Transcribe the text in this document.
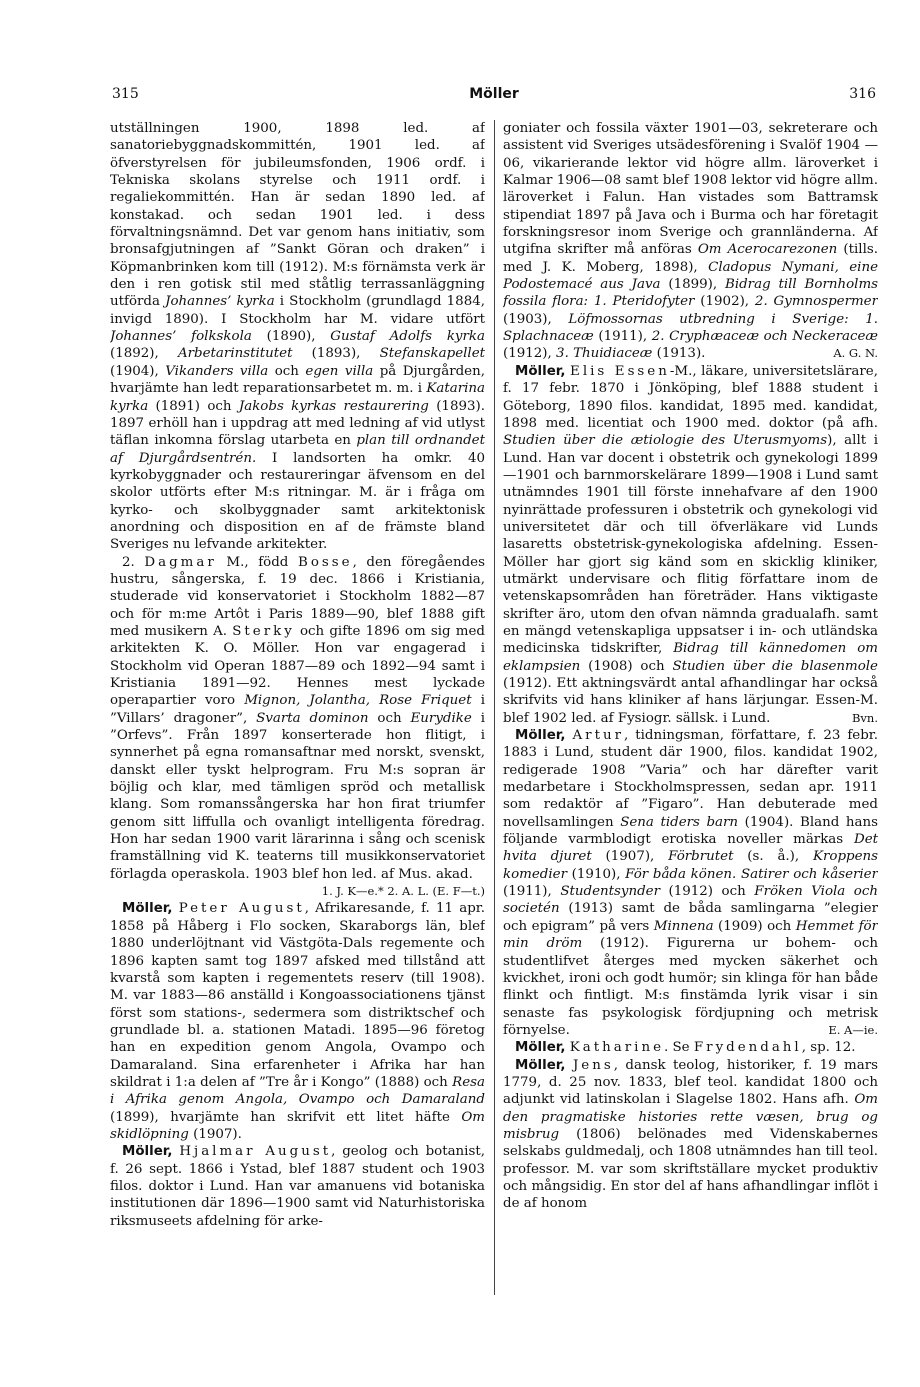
315	Möller	316

utställningen 1900, 1898 led. af sanatoriebyggnadskommittén, 1901 led. af öfverstyrelsen för jubileumsfonden, 1906 ordf. i Tekniska skolans styrelse och 1911 ordf. i regaliekommittén. Han är sedan 1890 led. af konstakad. och sedan 1901 led. i dess förvaltningsnämnd. Det var genom hans initiativ, som bronsafgjutningen af ”Sankt Göran och draken” i Köpmanbrinken kom till (1912). M:s förnämsta verk är den i ren gotisk stil med ståtlig terrassanläggning utförda Johannes’ kyrka i Stockholm (grundlagd 1884, invigd 1890). I Stockholm har M. vidare utfört Johannes’ folkskola (1890), Gustaf Adolfs kyrka (1892), Arbetarinstitutet (1893), Stefanskapellet (1904), Vikanders villa och egen villa på Djurgården, hvarjämte han ledt reparationsarbetet m. m. i Katarina kyrka (1891) och Jakobs kyrkas restaurering (1893). 1897 erhöll han i uppdrag att med ledning af vid utlyst täflan inkomna förslag utarbeta en plan till ordnandet af Djurgårdsentrén. I landsorten ha omkr. 40 kyrkobyggnader och restaureringar äfvensom en del skolor utförts efter M:s ritningar. M. är i fråga om kyrko- och skolbyggnader samt arkitektonisk anordning och disposition en af de främste bland Sveriges nu lefvande arkitekter.

2. Dagmar M., född Bosse, den föregåendes hustru, sångerska, f. 19 dec. 1866 i Kristiania, studerade vid konservatoriet i Stockholm 1882—87 och för m:me Artôt i Paris 1889—90, blef 1888 gift med musikern A. Sterky och gifte 1896 om sig med arkitekten K. O. Möller. Hon var engagerad i Stockholm vid Operan 1887—89 och 1892—94 samt i Kristiania 1891—92. Hennes mest lyckade operapartier voro Mignon, Jolantha, Rose Friquet i ”Villars’ dragoner”, Svarta dominon och Eurydike i ”Orfevs”. Från 1897 konserterade hon flitigt, i synnerhet på egna romansaftnar med norskt, svenskt, danskt eller tyskt helprogram. Fru M:s sopran är böjlig och klar, med tämligen spröd och metallisk klang. Som romanssångerska har hon firat triumfer genom sitt liffulla och ovanligt intelligenta föredrag. Hon har sedan 1900 varit lärarinna i sång och scenisk framställning vid K. teaterns till musikkonservatoriet förlagda operaskola. 1903 blef hon led. af Mus. akad.

1. J. K—e.* 2. A. L. (E. F—t.)

Möller, Peter August, Afrikaresande, f. 11 apr. 1858 på Håberg i Flo socken, Skaraborgs län, blef 1880 underlöjtnant vid Västgöta-Dals regemente och 1896 kapten samt tog 1897 afsked med tillstånd att kvarstå som kapten i regementets reserv (till 1908). M. var 1883—86 anställd i Kongoassociationens tjänst först som stations-, sedermera som distriktschef och grundlade bl. a. stationen Matadi. 1895—96 företog han en expedition genom Angola, Ovampo och Damaraland. Sina erfarenheter i Afrika har han skildrat i 1:a delen af ”Tre år i Kongo” (1888) och Resa i Afrika genom Angola, Ovampo och Damaraland (1899), hvarjämte han skrifvit ett litet häfte Om skidlöpning (1907).

Möller, Hjalmar August, geolog och botanist, f. 26 sept. 1866 i Ystad, blef 1887 student och 1903 filos. doktor i Lund. Han var amanuens vid botaniska institutionen där 1896—1900 samt vid Naturhistoriska riksmuseets afdelning för arke-

goniater och fossila växter 1901—03, sekreterare och assistent vid Sveriges utsädesförening i Svalöf 1904 —06, vikarierande lektor vid högre allm. läroverket i Kalmar 1906—08 samt blef 1908 lektor vid högre allm. läroverket i Falun. Han vistades som Battramsk stipendiat 1897 på Java och i Burma och har företagit forskningsresor inom Sverige och grannländerna. Af utgifna skrifter må anföras Om Acerocarezonen (tills. med J. K. Moberg, 1898), Cladopus Nymani, eine Podostemacé aus Java (1899), Bidrag till Bornholms fossila flora: 1. Pteridofyter (1902), 2. Gymnospermer (1903), Löfmossornas utbredning i Sverige: 1. Splachnaceæ (1911), 2. Cryphæaceæ och Neckeraceæ (1912), 3. Thuidiaceæ (1913).	A. G. N.

Möller, Elis Essen-M., läkare, universitetslärare, f. 17 febr. 1870 i Jönköping, blef 1888 student i Göteborg, 1890 filos. kandidat, 1895 med. kandidat, 1898 med. licentiat och 1900 med. doktor (på afh. Studien über die ætiologie des Uterusmyoms), allt i Lund. Han var docent i obstetrik och gynekologi 1899—1901 och barnmorskelärare 1899—1908 i Lund samt utnämndes 1901 till förste innehafvare af den 1900 nyinrättade professuren i obstetrik och gynekologi vid universitetet där och till öfverläkare vid Lunds lasaretts obstetrisk-gynekologiska afdelning. Essen-Möller har gjort sig känd som en skicklig kliniker, utmärkt undervisare och flitig författare inom de vetenskapsområden han företräder. Hans viktigaste skrifter äro, utom den ofvan nämnda gradualafh. samt en mängd vetenskapliga uppsatser i in- och utländska medicinska tidskrifter, Bidrag till kännedomen om eklampsien (1908) och Studien über die blasenmole (1912). Ett aktningsvärdt antal afhandlingar har också skrifvits vid hans kliniker af hans lärjungar. Essen-M. blef 1902 led. af Fysiogr. sällsk. i Lund.	Bvn.

Möller, Artur, tidningsman, författare, f. 23 febr. 1883 i Lund, student där 1900, filos. kandidat 1902, redigerade 1908 ”Varia” och har därefter varit medarbetare i Stockholmspressen, sedan apr. 1911 som redaktör af ”Figaro”. Han debuterade med novellsamlingen Sena tiders barn (1904). Bland hans följande varmblodigt erotiska noveller märkas Det hvita djuret (1907), Förbrutet (s. å.), Kroppens komedier (1910), För båda könen. Satirer och kåserier (1911), Studentsynder (1912) och Fröken Viola och societén (1913) samt de båda samlingarna ”elegier och epigram” på vers Minnena (1909) och Hemmet för min dröm (1912). Figurerna ur bohem- och studentlifvet återges med mycken säkerhet och kvickhet, ironi och godt humör; sin klinga för han både flinkt och fintligt. M:s finstämda lyrik visar i sin senaste fas psykologisk fördjupning och metrisk förnyelse.	E. A—ie.

Möller, Katharine. Se Frydendahl, sp. 12.

Möller, Jens, dansk teolog, historiker, f. 19 mars 1779, d. 25 nov. 1833, blef teol. kandidat 1800 och adjunkt vid latinskolan i Slagelse 1802. Hans afh. Om den pragmatiske histories rette væsen, brug og misbrug (1806) belönades med Videnskabernes selskabs guldmedalj, och 1808 utnämndes han till teol. professor. M. var som skriftställare mycket produktiv och mångsidig. En stor del af hans afhandlingar inflöt i de af honom
